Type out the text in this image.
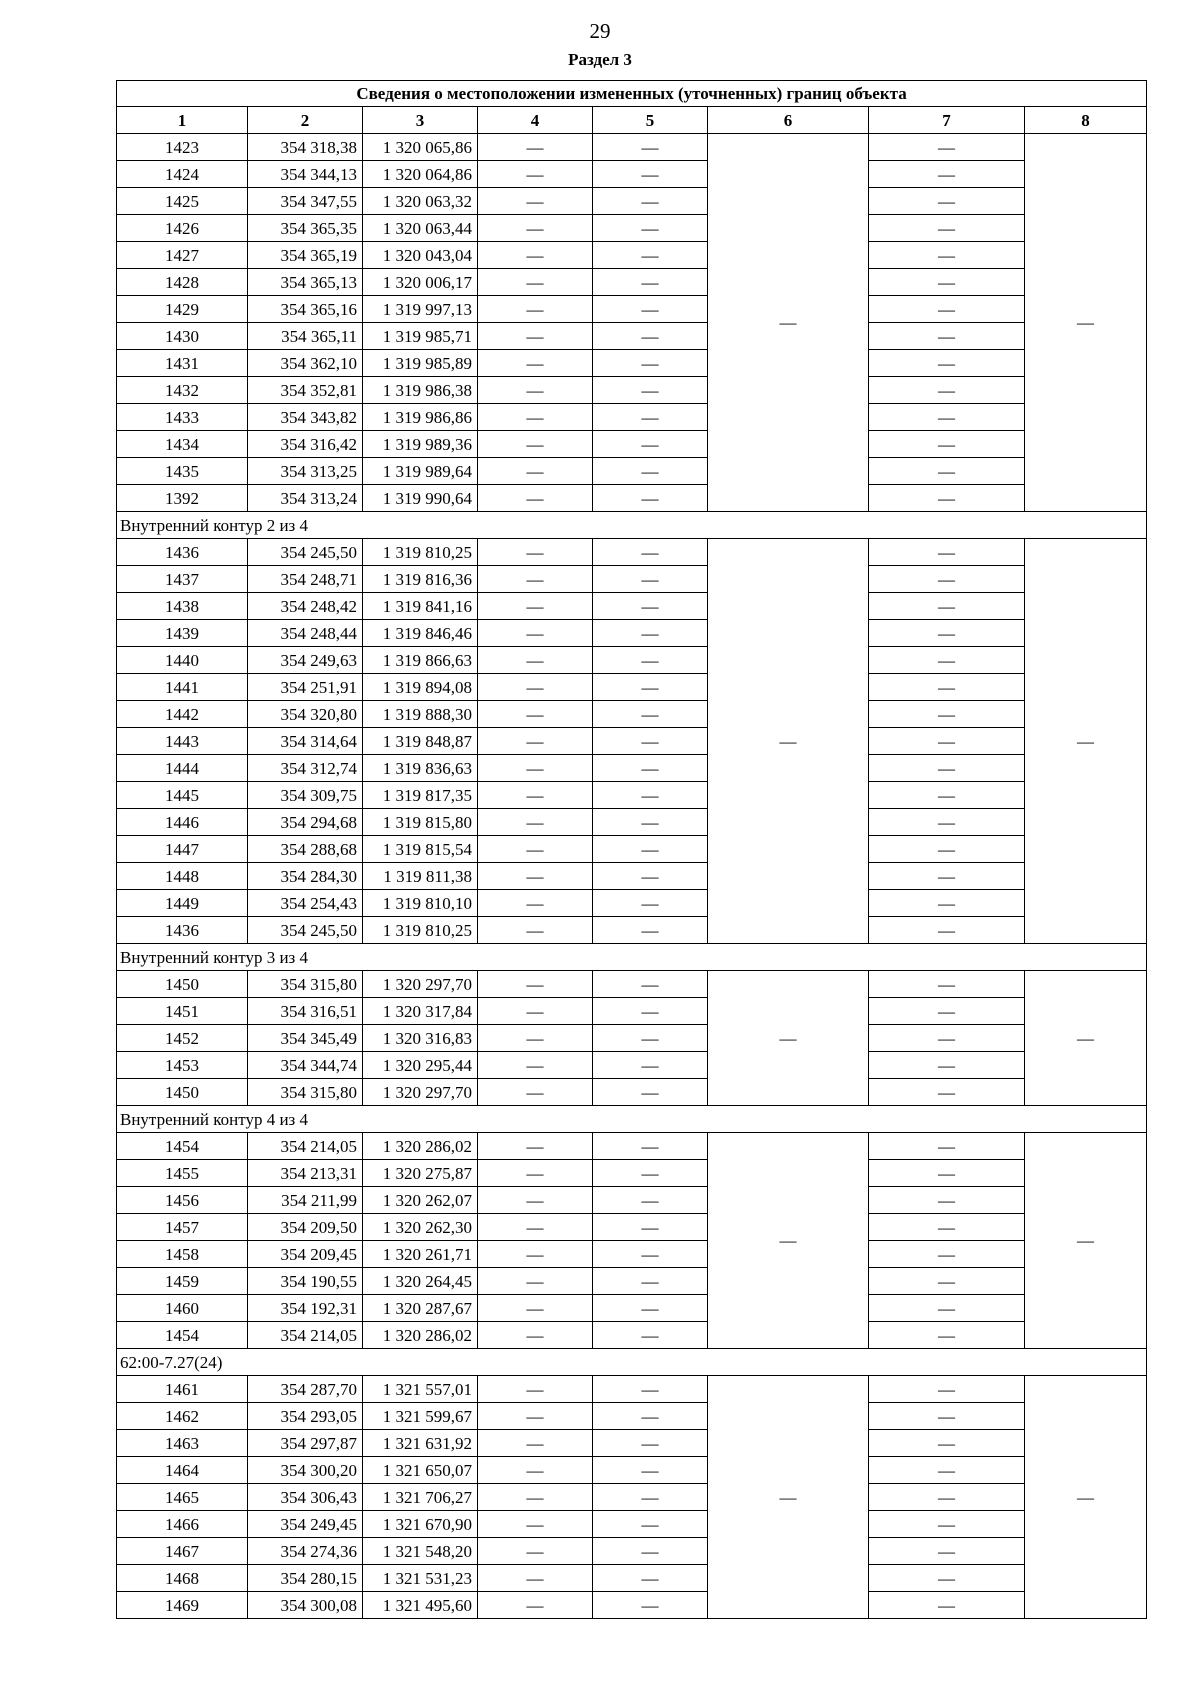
29
Раздел 3
Сведения о местоположении измененных (уточненных) границ объекта							
1	2	3	4	5	6	7	8
1423	354 318,38	1 320 065,86	—	—	—	—	—
1424	354 344,13	1 320 064,86	—	—		—	
1425	354 347,55	1 320 063,32	—	—		—	
1426	354 365,35	1 320 063,44	—	—		—	
1427	354 365,19	1 320 043,04	—	—		—	
1428	354 365,13	1 320 006,17	—	—		—	
1429	354 365,16	1 319 997,13	—	—		—	
1430	354 365,11	1 319 985,71	—	—		—	
1431	354 362,10	1 319 985,89	—	—		—	
1432	354 352,81	1 319 986,38	—	—		—	
1433	354 343,82	1 319 986,86	—	—		—	
1434	354 316,42	1 319 989,36	—	—		—	
1435	354 313,25	1 319 989,64	—	—		—	
1392	354 313,24	1 319 990,64	—	—		—	
Внутренний контур 2 из 4							
1436	354 245,50	1 319 810,25	—	—	—	—	—
1437	354 248,71	1 319 816,36	—	—		—	
1438	354 248,42	1 319 841,16	—	—		—	
1439	354 248,44	1 319 846,46	—	—		—	
1440	354 249,63	1 319 866,63	—	—		—	
1441	354 251,91	1 319 894,08	—	—		—	
1442	354 320,80	1 319 888,30	—	—		—	
1443	354 314,64	1 319 848,87	—	—		—	
1444	354 312,74	1 319 836,63	—	—		—	
1445	354 309,75	1 319 817,35	—	—		—	
1446	354 294,68	1 319 815,80	—	—		—	
1447	354 288,68	1 319 815,54	—	—		—	
1448	354 284,30	1 319 811,38	—	—		—	
1449	354 254,43	1 319 810,10	—	—		—	
1436	354 245,50	1 319 810,25	—	—		—	
Внутренний контур 3 из 4							
1450	354 315,80	1 320 297,70	—	—	—	—	—
1451	354 316,51	1 320 317,84	—	—		—	
1452	354 345,49	1 320 316,83	—	—		—	
1453	354 344,74	1 320 295,44	—	—		—	
1450	354 315,80	1 320 297,70	—	—		—	
Внутренний контур 4 из 4							
1454	354 214,05	1 320 286,02	—	—	—	—	—
1455	354 213,31	1 320 275,87	—	—		—	
1456	354 211,99	1 320 262,07	—	—		—	
1457	354 209,50	1 320 262,30	—	—		—	
1458	354 209,45	1 320 261,71	—	—		—	
1459	354 190,55	1 320 264,45	—	—		—	
1460	354 192,31	1 320 287,67	—	—		—	
1454	354 214,05	1 320 286,02	—	—		—	
62:00-7.27(24)							
1461	354 287,70	1 321 557,01	—	—	—	—	—
1462	354 293,05	1 321 599,67	—	—		—	
1463	354 297,87	1 321 631,92	—	—		—	
1464	354 300,20	1 321 650,07	—	—		—	
1465	354 306,43	1 321 706,27	—	—		—	
1466	354 249,45	1 321 670,90	—	—		—	
1467	354 274,36	1 321 548,20	—	—		—	
1468	354 280,15	1 321 531,23	—	—		—	
1469	354 300,08	1 321 495,60	—	—		—	
